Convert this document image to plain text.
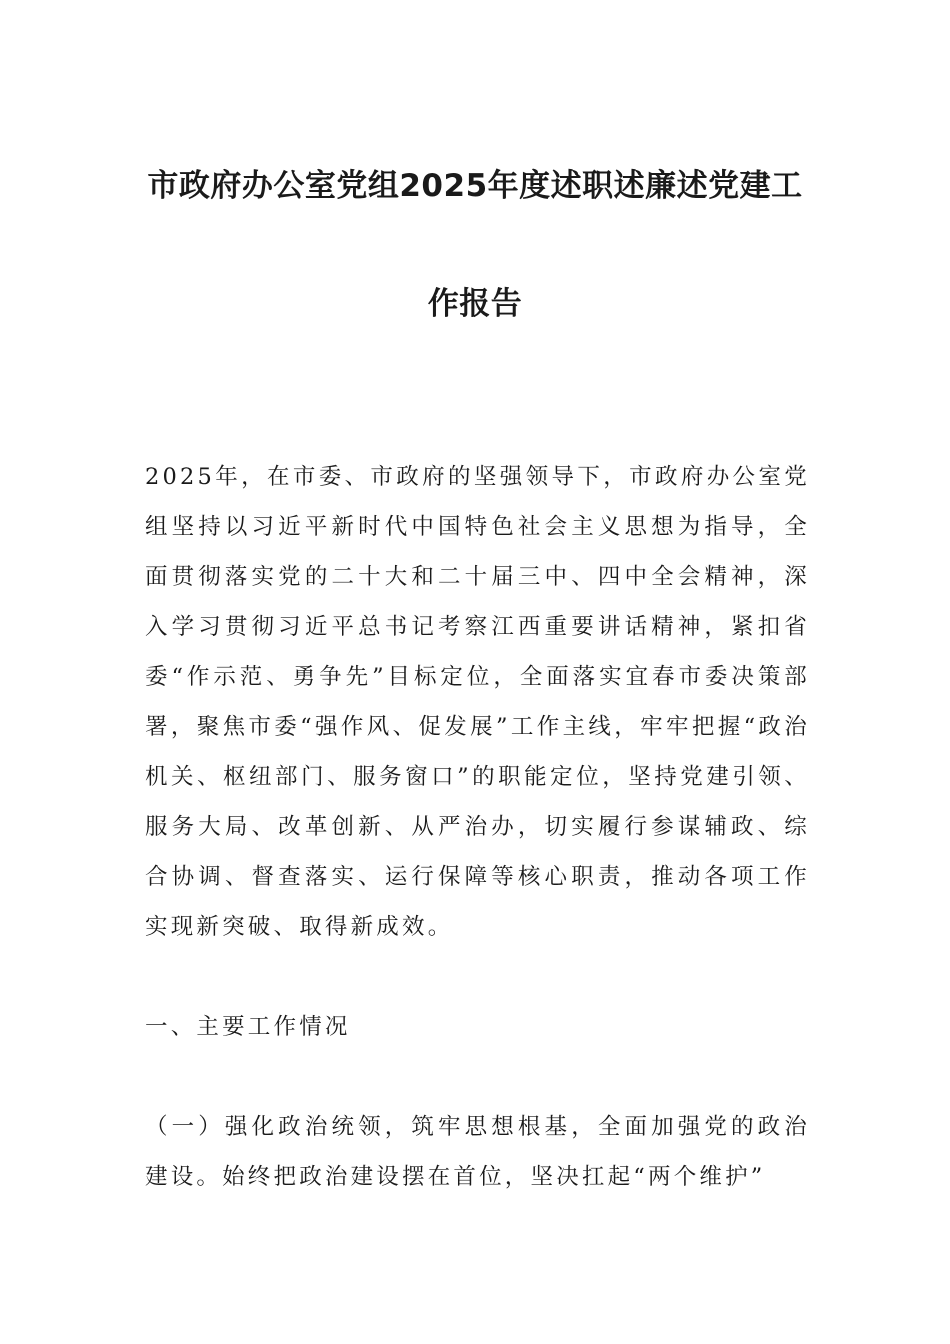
市政府办公室党组2025年度述职述廉述党建工
作报告

2025年，在市委、市政府的坚强领导下，市政府办公室党组坚持以习近平新时代中国特色社会主义思想为指导，全面贯彻落实党的二十大和二十届三中、四中全会精神，深入学习贯彻习近平总书记考察江西重要讲话精神，紧扣省委“作示范、勇争先”目标定位，全面落实宜春市委决策部署，聚焦市委“强作风、促发展”工作主线，牢牢把握“政治机关、枢纽部门、服务窗口”的职能定位，坚持党建引领、服务大局、改革创新、从严治办，切实履行参谋辅政、综合协调、督查落实、运行保障等核心职责，推动各项工作实现新突破、取得新成效。

一、主要工作情况

（一）强化政治统领，筑牢思想根基，全面加强党的政治建设。始终把政治建设摆在首位，坚决扛起“两个维护”
